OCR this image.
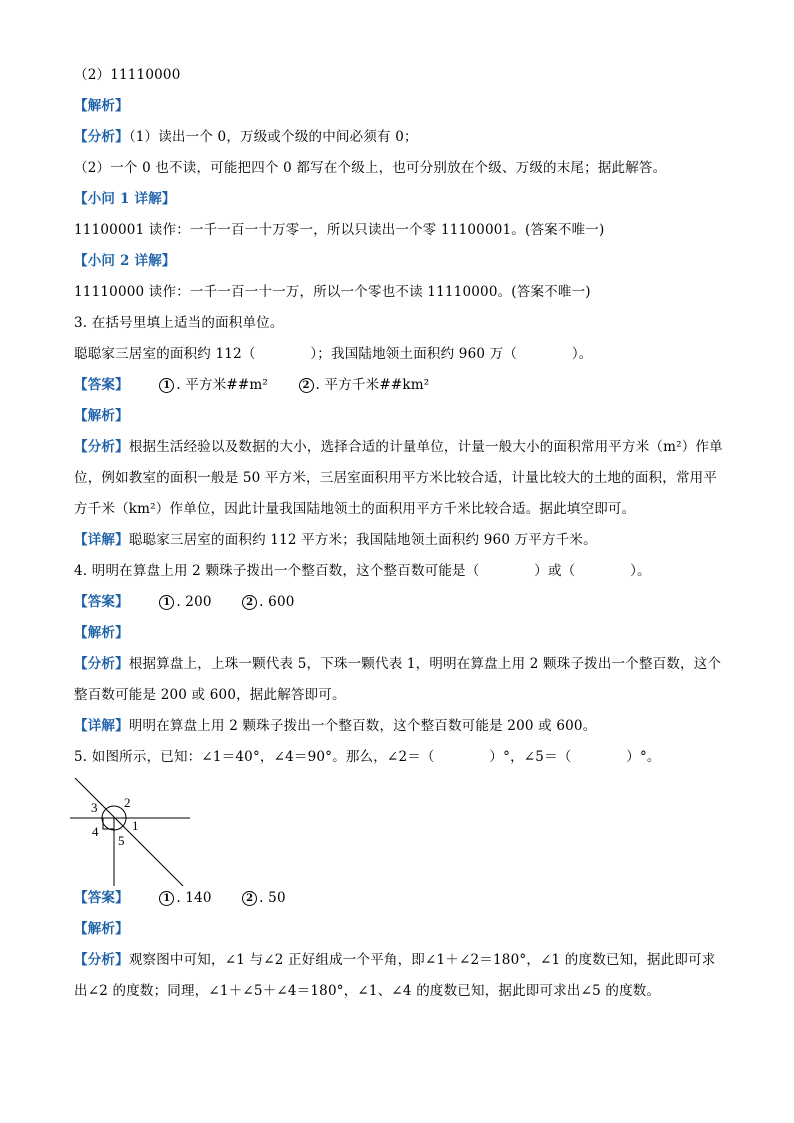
（2）11110000
【解析】
【分析】（1）读出一个 0，万级或个级的中间必须有 0；
（2）一个 0 也不读，可能把四个 0 都写在个级上，也可分别放在个级、万级的末尾；据此解答。
【小问 1 详解】
11100001 读作：一千一百一十万零一，所以只读出一个零 11100001。(答案不唯一)
【小问 2 详解】
11110000 读作：一千一百一十一万，所以一个零也不读 11110000。(答案不唯一)
3. 在括号里填上适当的面积单位。
聪聪家三居室的面积约 112（　　　　）；我国陆地领土面积约 960 万（　　　　）。
【答案】	1 . 平方米##m²	2 . 平方千米##km²
【解析】
【分析】根据生活经验以及数据的大小，选择合适的计量单位，计量一般大小的面积常用平方米（m²）作单位，例如教室的面积一般是 50 平方米，三居室面积用平方米比较合适，计量比较大的土地的面积，常用平方千米（km²）作单位，因此计量我国陆地领土的面积用平方千米比较合适。据此填空即可。
【详解】聪聪家三居室的面积约 112 平方米；我国陆地领土面积约 960 万平方千米。
4. 明明在算盘上用 2 颗珠子拨出一个整百数，这个整百数可能是（　　　　）或（　　　　）。
【答案】	1 . 200	2 . 600
【解析】
【分析】根据算盘上，上珠一颗代表 5，下珠一颗代表 1，明明在算盘上用 2 颗珠子拨出一个整百数，这个整百数可能是 200 或 600，据此解答即可。
【详解】明明在算盘上用 2 颗珠子拨出一个整百数，这个整百数可能是 200 或 600。
5. 如图所示，已知：∠1＝40°，∠4＝90°。那么，∠2＝（　　　　）°，∠5＝（　　　　）°。
2
3
1
4
5
【答案】	1 . 140	2 . 50
【解析】
【分析】观察图中可知，∠1 与∠2 正好组成一个平角，即∠1＋∠2＝180°，∠1 的度数已知，据此即可求出∠2 的度数；同理，∠1＋∠5＋∠4＝180°，∠1、∠4 的度数已知，据此即可求出∠5 的度数。
